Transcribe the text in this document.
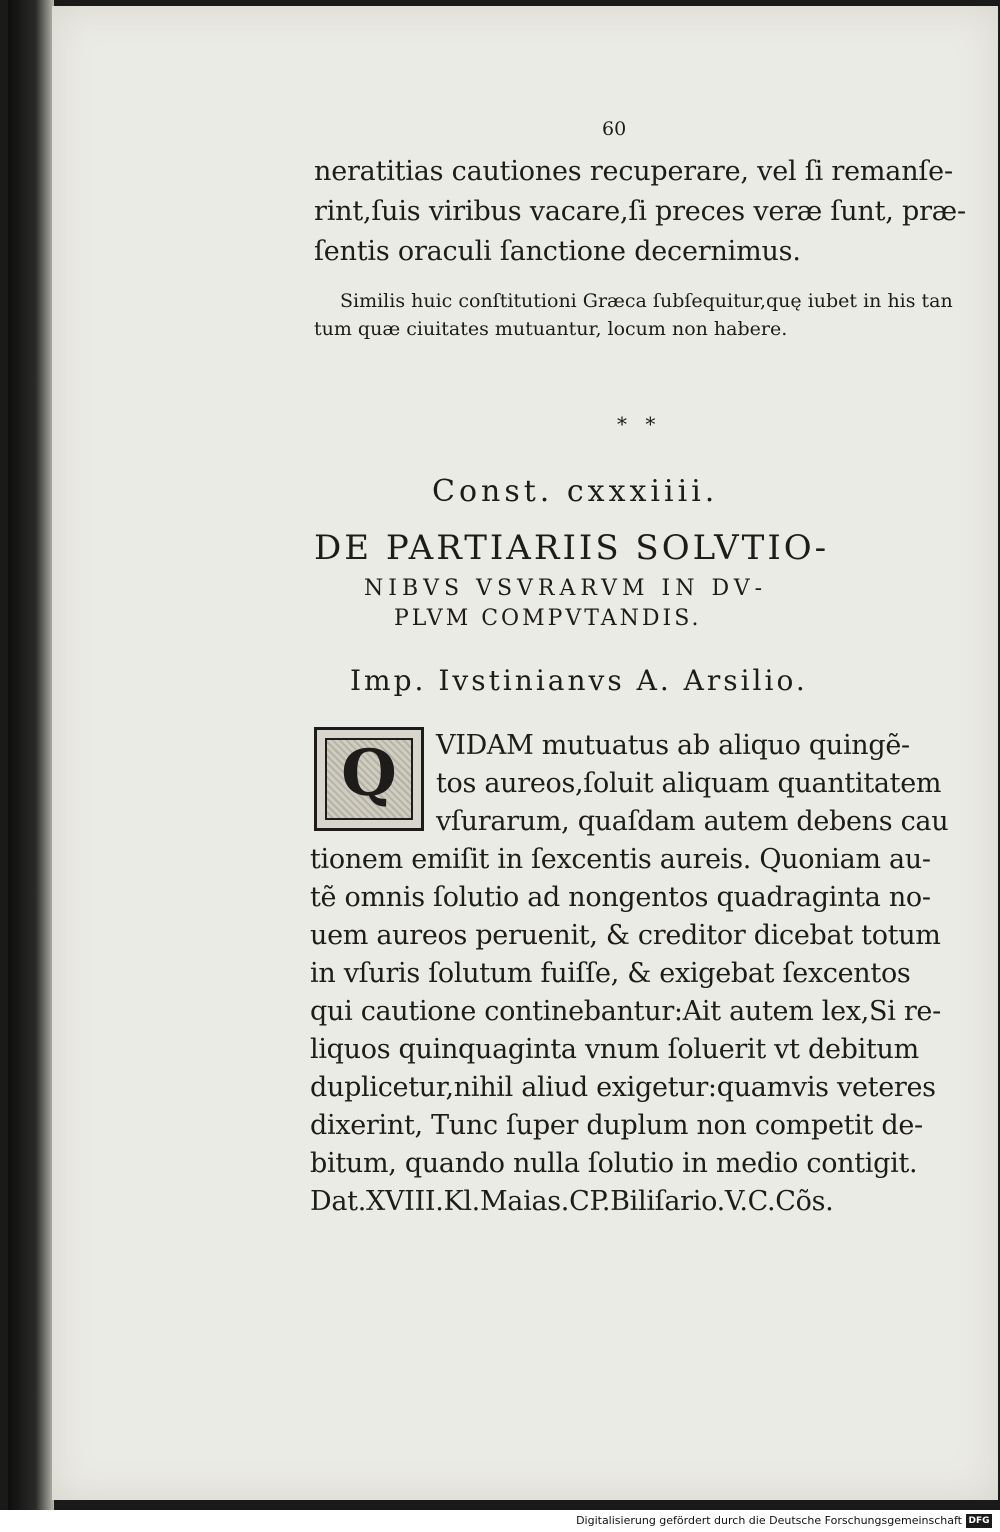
60
neratitias cautiones recuperare, vel ſi remanſe‑
rint,ſuis viribus vacare,ſi preces veræ ſunt, præ‑
ſentis oraculi ſanctione decernimus.
Similis huic conſtitutioni Græca ſubſequitur,quę iubet in his tan
tum quæ ciuitates mutuantur, locum non habere.
* *
Const. cxxxiiii.
DE PARTIARIIS SOLVTIO‑
NIBVS VSVRARVM IN DV‑
PLVM COMPVTANDIS.
Imp. Ivstinianvs A. Arsilio.
Q	VIDAM mutuatus ab aliquo quingẽ‑
tos aureos,ſoluit aliquam quantitatem
vſurarum, quaſdam autem debens cau
tionem emiſit in ſexcentis aureis. Quoniam au‑
tẽ omnis ſolutio ad nongentos quadraginta no‑
uem aureos peruenit, & creditor dicebat totum
in vſuris ſolutum fuiſſe, & exigebat ſexcentos
qui cautione continebantur:Ait autem lex,Si re‑
liquos quinquaginta vnum ſoluerit vt debitum
duplicetur,nihil aliud exigetur:quamvis veteres
dixerint, Tunc ſuper duplum non competit de‑
bitum, quando nulla ſolutio in medio contigit.
Dat.XVIII.Kl.Maias.CP.Biliſario.V.C.Cõs.
Digitalisierung gefördert durch die Deutsche Forschungsgemeinschaft DFG
